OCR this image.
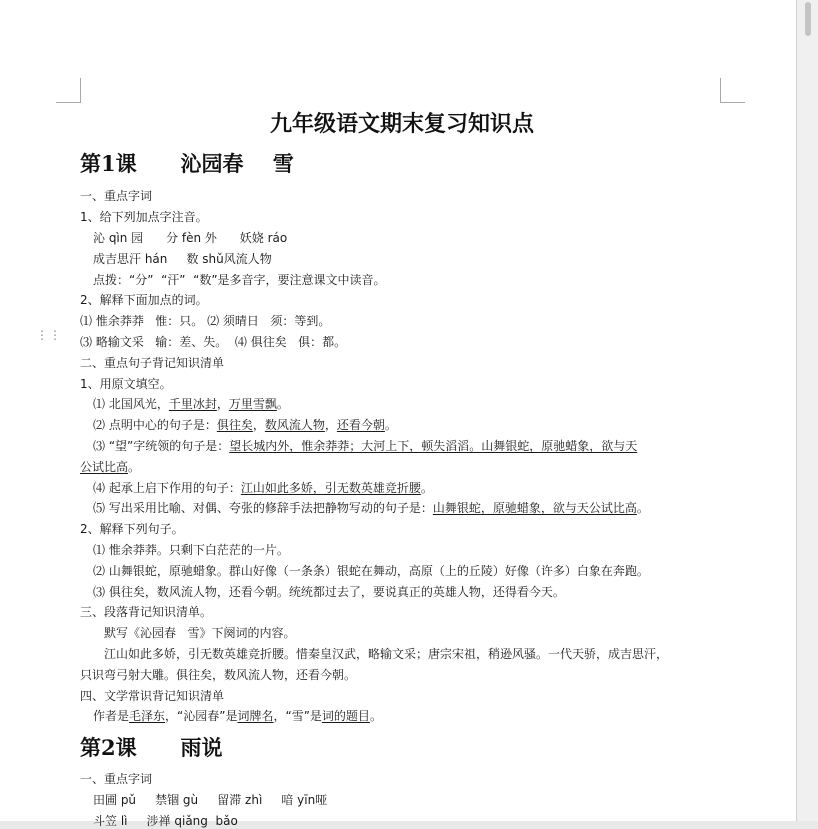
⋮⋮
九年级语文期末复习知识点
第1课      沁园春    雪
一、重点字词
1、给下列加点字注音。
沁 qìn 园      分 fèn 外      妖娆 ráo
成吉思汗 hán     数 shǔ风流人物
点拨：“分”  “汗”  “数”是多音字，要注意课文中读音。
2、解释下面加点的词。
⑴ 惟余莽莽   惟：只。 ⑵ 须晴日   须：等到。
⑶ 略输文采   输：差、失。  ⑷ 俱往矣   俱：都。
二、重点句子背记知识清单
1、用原文填空。
⑴ 北国风光，千里冰封，万里雪飘。
⑵ 点明中心的句子是：俱往矣，数风流人物，还看今朝。
⑶ “望”字统领的句子是：望长城内外，惟余莽莽；大河上下，顿失滔滔。山舞银蛇，原驰蜡象，欲与天
公试比高。
⑷ 起承上启下作用的句子：江山如此多娇，引无数英雄竞折腰。
⑸ 写出采用比喻、对偶、夸张的修辞手法把静物写动的句子是：山舞银蛇，原驰蜡象，欲与天公试比高。
2、解释下列句子。
⑴ 惟余莽莽。只剩下白茫茫的一片。
⑵ 山舞银蛇，原驰蜡象。群山好像（一条条）银蛇在舞动，高原（上的丘陵）好像（许多）白象在奔跑。
⑶ 俱往矣，数风流人物，还看今朝。统统都过去了，要说真正的英雄人物，还得看今天。
三、段落背记知识清单。
默写《沁园春   雪》下阕词的内容。
江山如此多娇，引无数英雄竞折腰。惜秦皇汉武，略输文采；唐宗宋祖，稍逊风骚。一代天骄，成吉思汗，
只识弯弓射大雕。俱往矣，数风流人物，还看今朝。
四、文学常识背记知识清单
作者是毛泽东，“沁园春”是词牌名，“雪”是词的题目。
第2课      雨说
一、重点字词
田圃 pǔ     禁锢 gù     留滞 zhì     喑 yīn哑
斗笠 lì     涉禅 qiǎng  bǎo
